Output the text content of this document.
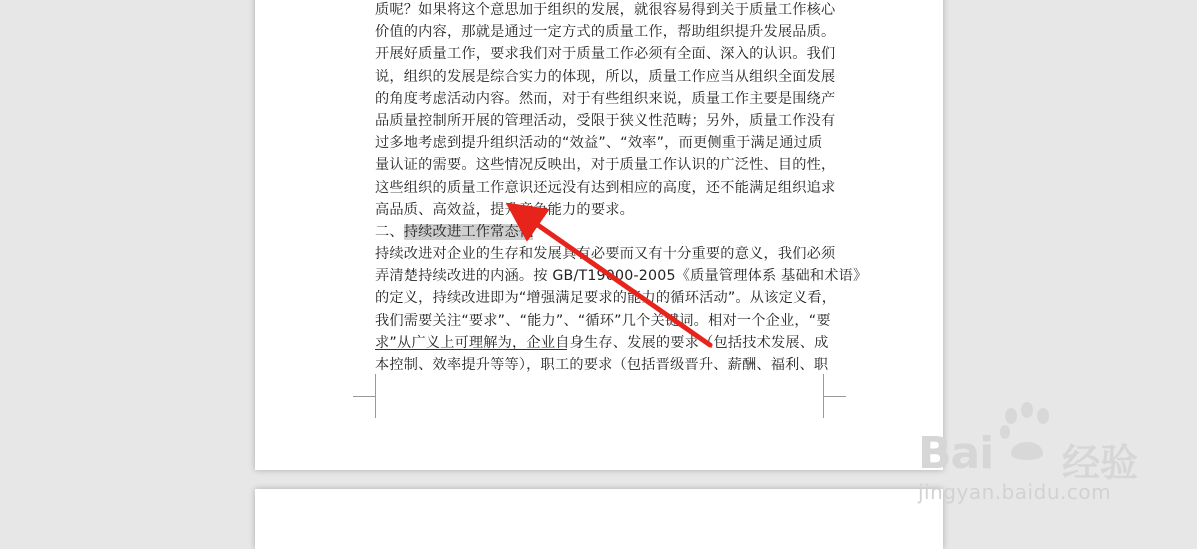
质呢？如果将这个意思加于组织的发展，就很容易得到关于质量工作核心
价值的内容，那就是通过一定方式的质量工作，帮助组织提升发展品质。
开展好质量工作，要求我们对于质量工作必须有全面、深入的认识。我们
说，组织的发展是综合实力的体现，所以，质量工作应当从组织全面发展
的角度考虑活动内容。然而，对于有些组织来说，质量工作主要是围绕产
品质量控制所开展的管理活动，受限于狭义性范畴；另外，质量工作没有
过多地考虑到提升组织活动的“效益”、“效率”，而更侧重于满足通过质
量认证的需要。这些情况反映出，对于质量工作认识的广泛性、目的性，
这些组织的质量工作意识还远没有达到相应的高度，还不能满足组织追求
高品质、高效益，提升竞争能力的要求。
二、持续改进工作常态化
持续改进对企业的生存和发展具有必要而又有十分重要的意义，我们必须
弄清楚持续改进的内涵。按 GB/T19000-2005《质量管理体系 基础和术语》
的定义，持续改进即为“增强满足要求的能力的循环活动”。从该定义看，
我们需要关注“要求”、“能力”、“循环”几个关键词。相对一个企业，“要
求”从广义上可理解为，企业自身生存、发展的要求（包括技术发展、成
本控制、效率提升等等），职工的要求（包括晋级晋升、薪酬、福利、职
Bai 经验
jingyan.baidu.com
